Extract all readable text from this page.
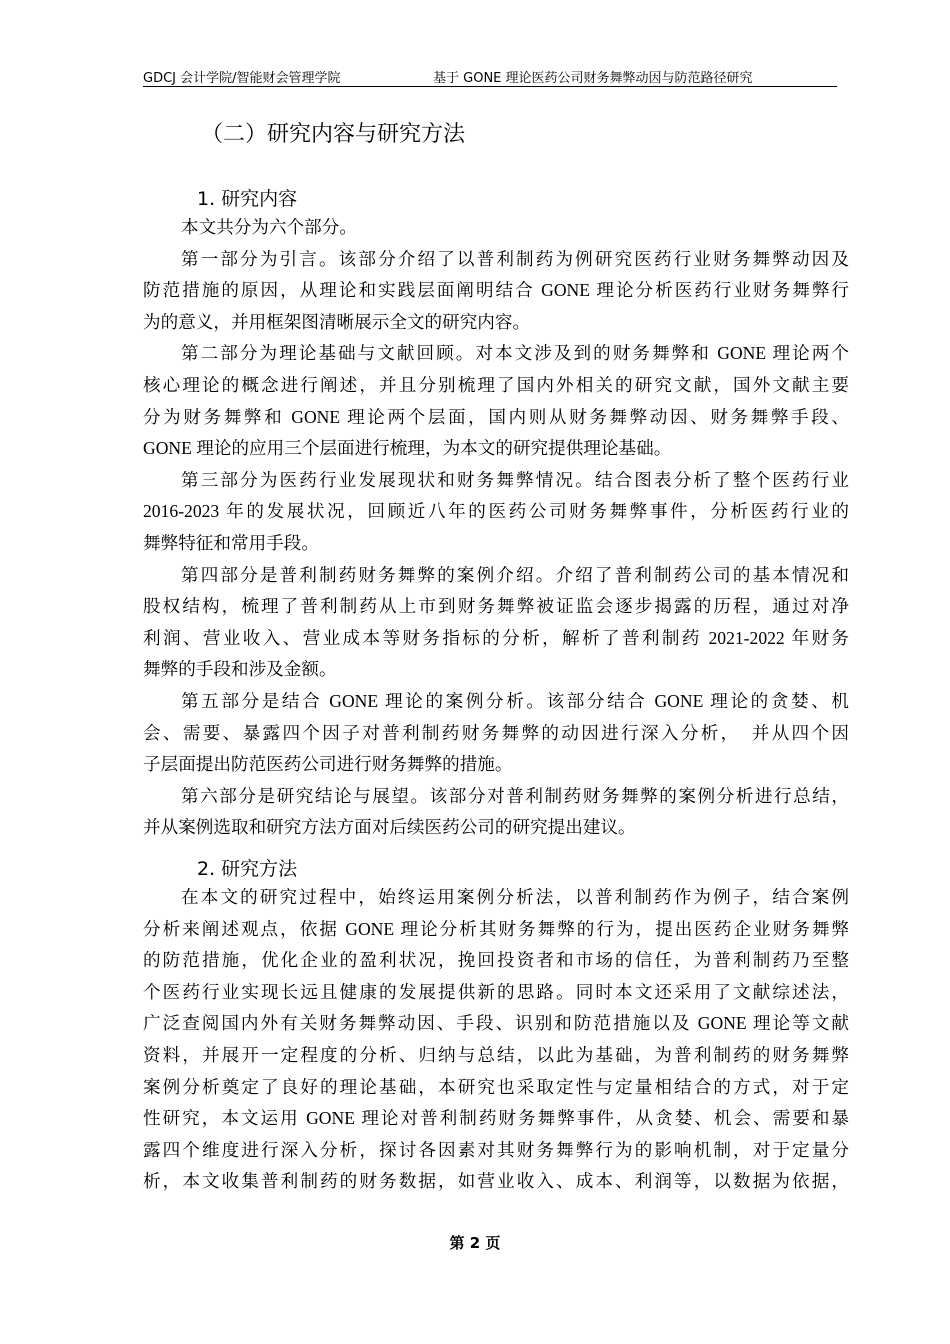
GDCJ 会计学院/智能财会管理学院	基于 GONE 理论医药公司财务舞弊动因与防范路径研究
（二）研究内容与研究方法
1. 研究内容
本文共分为六个部分。
第一部分为引言。该部分介绍了以普利制药为例研究医药行业财务舞弊动因及
防范措施的原因，从理论和实践层面阐明结合 GONE 理论分析医药行业财务舞弊行
为的意义，并用框架图清晰展示全文的研究内容。
第二部分为理论基础与文献回顾。对本文涉及到的财务舞弊和 GONE 理论两个
核心理论的概念进行阐述，并且分别梳理了国内外相关的研究文献，国外文献主要
分为财务舞弊和 GONE 理论两个层面，国内则从财务舞弊动因、财务舞弊手段、
GONE 理论的应用三个层面进行梳理，为本文的研究提供理论基础。
第三部分为医药行业发展现状和财务舞弊情况。结合图表分析了整个医药行业
2016-2023 年的发展状况，回顾近八年的医药公司财务舞弊事件，分析医药行业的
舞弊特征和常用手段。
第四部分是普利制药财务舞弊的案例介绍。介绍了普利制药公司的基本情况和
股权结构，梳理了普利制药从上市到财务舞弊被证监会逐步揭露的历程，通过对净
利润、营业收入、营业成本等财务指标的分析，解析了普利制药 2021-2022 年财务
舞弊的手段和涉及金额。
第五部分是结合 GONE 理论的案例分析。该部分结合 GONE 理论的贪婪、机
会、需要、暴露四个因子对普利制药财务舞弊的动因进行深入分析，　并从四个因
子层面提出防范医药公司进行财务舞弊的措施。
第六部分是研究结论与展望。该部分对普利制药财务舞弊的案例分析进行总结，
并从案例选取和研究方法方面对后续医药公司的研究提出建议。
2. 研究方法
在本文的研究过程中，始终运用案例分析法，以普利制药作为例子，结合案例
分析来阐述观点，依据 GONE 理论分析其财务舞弊的行为，提出医药企业财务舞弊
的防范措施，优化企业的盈利状况，挽回投资者和市场的信任，为普利制药乃至整
个医药行业实现长远且健康的发展提供新的思路。同时本文还采用了文献综述法，
广泛查阅国内外有关财务舞弊动因、手段、识别和防范措施以及 GONE 理论等文献
资料，并展开一定程度的分析、归纳与总结，以此为基础，为普利制药的财务舞弊
案例分析奠定了良好的理论基础，本研究也采取定性与定量相结合的方式，对于定
性研究，本文运用 GONE 理论对普利制药财务舞弊事件，从贪婪、机会、需要和暴
露四个维度进行深入分析，探讨各因素对其财务舞弊行为的影响机制，对于定量分
析，本文收集普利制药的财务数据，如营业收入、成本、利润等，以数据为依据，
第 2 页
